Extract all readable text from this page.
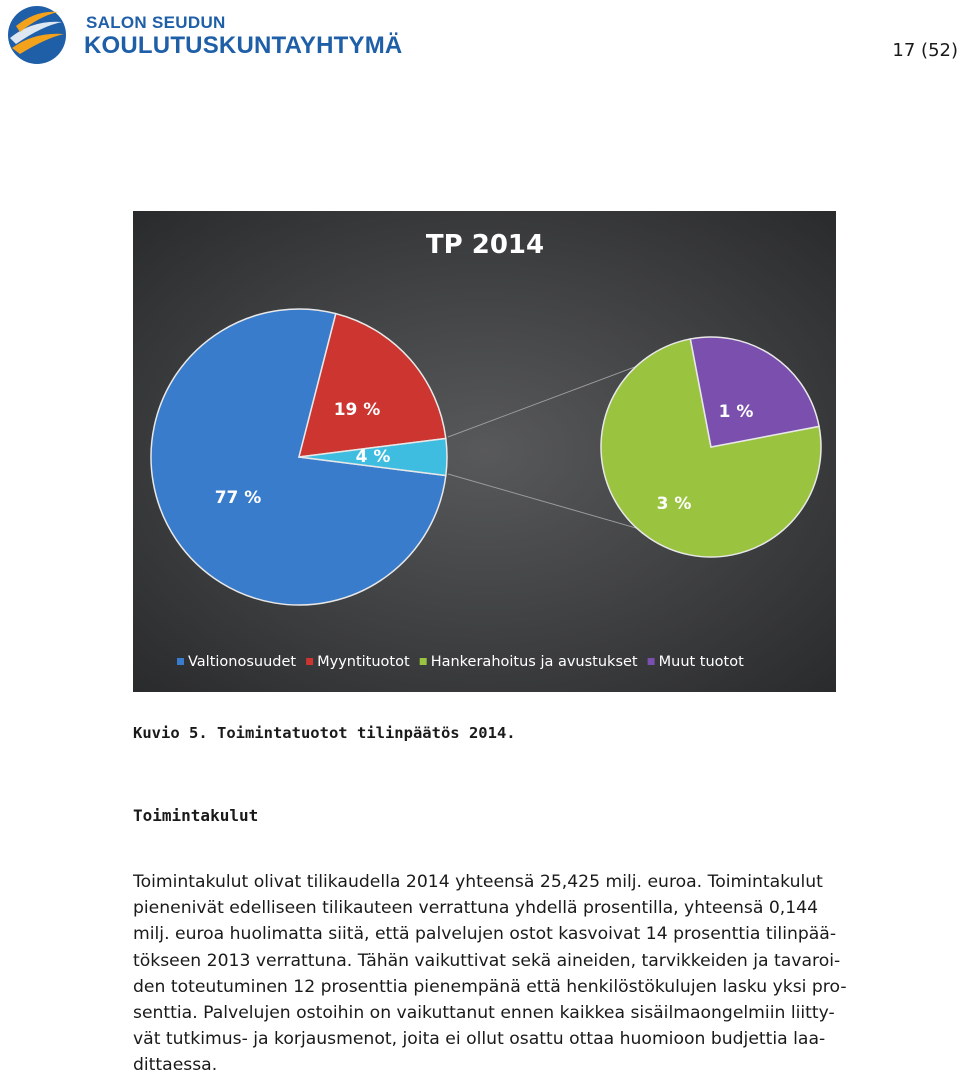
SALON SEUDUN
KOULUTUSKUNTAYHTYMÄ	17 (52)
TP 2014
77 %
19 %
4 %
3 %
1 %
Valtionosuudet Myyntituotot Hankerahoitus ja avustukset Muut tuotot
Kuvio 5. Toimintatuotot tilinpäätös 2014.
Toimintakulut
Toimintakulut olivat tilikaudella 2014 yhteensä 25,425 milj. euroa. Toimintakulut
pienenivät edelliseen tilikauteen verrattuna yhdellä prosentilla, yhteensä 0,144
milj. euroa huolimatta siitä, että palvelujen ostot kasvoivat 14 prosenttia tilinpää-
tökseen 2013 verrattuna. Tähän vaikuttivat sekä aineiden, tarvikkeiden ja tavaroi-
den toteutuminen 12 prosenttia pienempänä että henkilöstökulujen lasku yksi pro-
senttia. Palvelujen ostoihin on vaikuttanut ennen kaikkea sisäilmaongelmiin liitty-
vät tutkimus- ja korjausmenot, joita ei ollut osattu ottaa huomioon budjettia laa-
dittaessa.
